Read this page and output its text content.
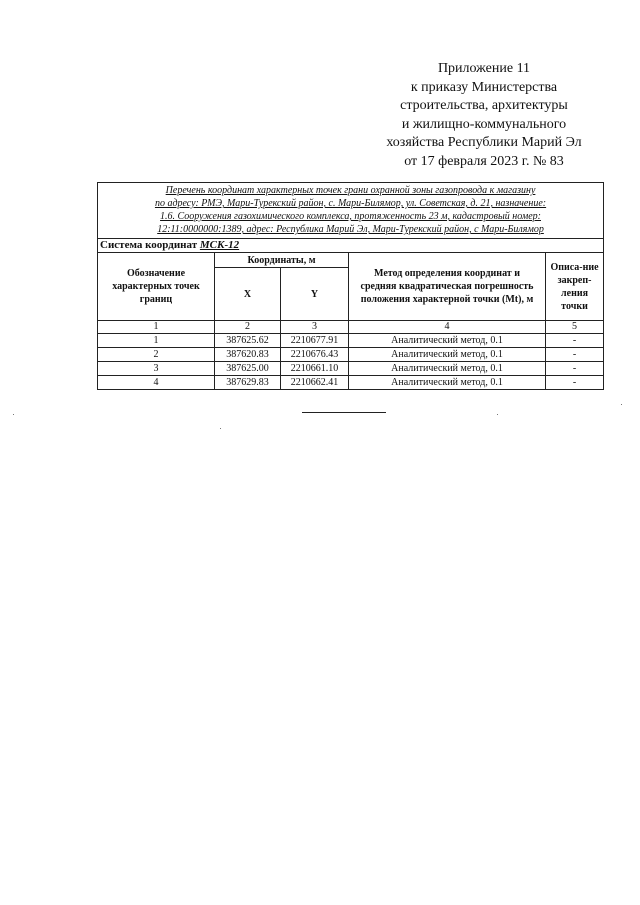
Приложение 11
к приказу Министерства
строительства, архитектуры
и жилищно-коммунального
хозяйства Республики Марий Эл
от 17 февраля 2023 г. № 83
Перечень координат характерных точек грани охранной зоны газопровода к магазину
по адресу: РМЭ, Мари-Турекский район, с. Мари-Билямор, ул. Советская, д. 21, назначение:
1.6. Сооружения газохимического комплекса, протяженность 23 м, кадастровый номер:
12:11:0000000:1389, адрес: Республика Марий Эл, Мари-Турекский район, с Мари-Билямор				

Система координат МСК-12				
Обозначение характерных точек границ	Координаты, м		Метод определения координат и средняя квадратическая погрешность положения характерной точки (Mt), м	Описа-ние закреп-ления точки
	X	Y		
1	2	3	4	5
1	387625.62	2210677.91	Аналитический метод, 0.1	-
2	387620.83	2210676.43	Аналитический метод, 0.1	-
3	387625.00	2210661.10	Аналитический метод, 0.1	-
4	387629.83	2210662.41	Аналитический метод, 0.1	-
